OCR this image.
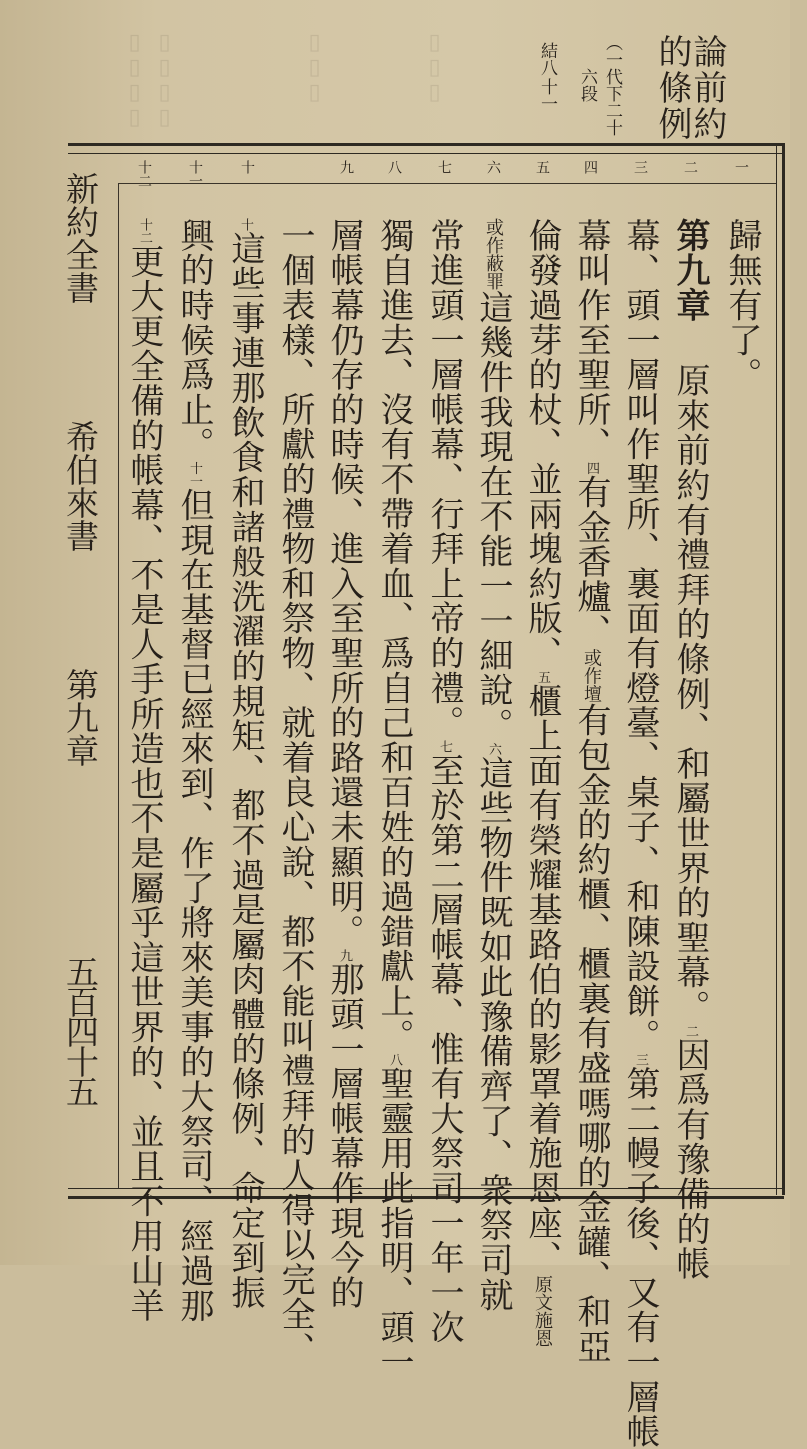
▯▯▯▯ ▯▯▯▯	▯▯▯	▯▯▯	論前約
的條例
（一代下二十
六段
結八
十一
一
二
三
四
五
六
七
八
九
十
十一
十二
歸無有了。
第九章 原來前約有禮拜的條例、和屬世界的聖幕。$^二$因爲有豫備的帳
幕、頭一層叫作聖所、裏面有燈臺、桌子、和陳設餅。$^三$第二幔子後、又有一層帳
幕叫作至聖所、$^四$有金香爐、或作壇有包金的約櫃、櫃裏有盛嗎哪的金罐、和亞
倫發過芽的杖、並兩塊約版、$^五$櫃上面有榮耀基路伯的影罩着施恩座、原文施恩
或作蔽罪這幾件我現在不能一一細說。$^六$這些物件既如此豫備齊了、衆祭司就
常進頭一層帳幕、行拜上帝的禮。$^七$至於第二層帳幕、惟有大祭司一年一次
獨自進去、沒有不帶着血、爲自己和百姓的過錯獻上。$^八$聖靈用此指明、頭一
層帳幕仍存的時候、進入至聖所的路還未顯明。$^九$那頭一層帳幕作現今的
一個表樣、所獻的禮物和祭物、就着良心說、都不能叫禮拜的人得以完全、
$^十$這些事連那飲食和諸般洗濯的規矩、都不過是屬肉體的條例、命定到振
興的時候爲止。$^{十一}$但現在基督已經來到、作了將來美事的大祭司、經過那
$^{十二}$更大更全備的帳幕、不是人手所造也不是屬乎這世界的、並且不用山羊
新約全書
希伯來書
第九章
五百四十五
